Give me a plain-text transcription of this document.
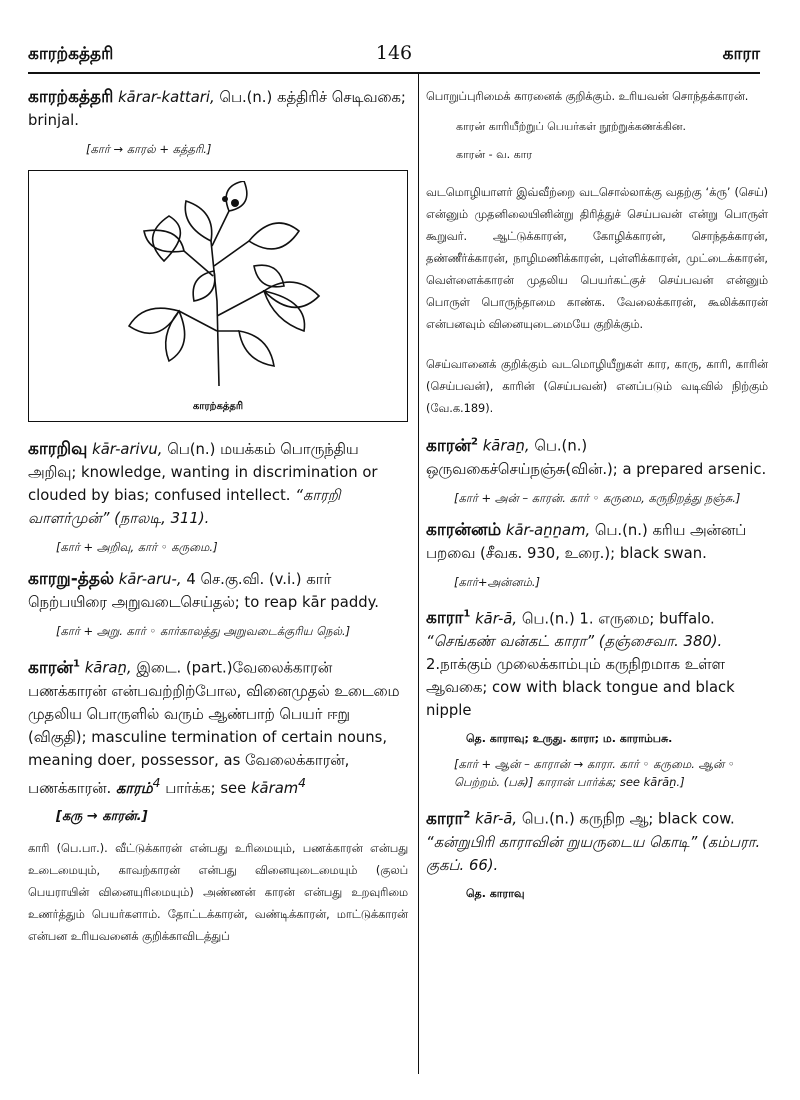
காரற்கத்தரி	146	காரா
காரற்கத்தரி kārar-kattari, பெ.(n.) கத்திரிச் செடிவகை; brinjal.
[கார் → காரல் + கத்தரி.]
காரற்கத்தரி
காரறிவு kār-arivu, பெ(n.) மயக்கம் பொருந்திய அறிவு; knowledge, wanting in discrimination or clouded by bias; confused intellect. “காரறி வாளர்முன்” (நாலடி, 311).
[கார் + அறிவு, கார் ◦ கருமை.]
காரறு-த்தல் kār-aru-, 4 செ.கு.வி. (v.i.) கார் நெற்பயிரை அறுவடைசெய்தல்; to reap kār paddy.
[கார் + அறு. கார் ◦ கார்காலத்து அறுவடைக்குரிய நெல்.]
காரன்$^1$ kāraṉ, இடை. (part.)வேலைக்காரன் பணக்காரன் என்பவற்றிற்போல, வினைமுதல் உடைமை முதலிய பொருளில் வரும் ஆண்பாற் பெயர் ஈறு (விகுதி); masculine termination of certain nouns, meaning doer, possessor, as வேலைக்காரன், பணக்காரன். காரம்$^4$ பார்க்க; see kāram$^4$
[கரு → காரன்.]
காரி (பெ.பா.). வீட்டுக்காரன் என்பது உரிமையும், பணக்காரன் என்பது உடைமையும், காவற்காரன் என்பது வினையுடைமையும் (குலப் பெயராயின் வினையுரிமையும்) அண்ணன் காரன் என்பது உறவுரிமை உணர்த்தும் பெயர்களாம். தோட்டக்காரன், வண்டிக்காரன், மாட்டுக்காரன் என்பன உரியவனைக் குறிக்காவிடத்துப்
பொறுப்புரிமைக் காரனைக் குறிக்கும். உரியவன் சொந்தக்காரன்.
காரன் காரியீற்றுப் பெயர்கள் நூற்றுக்கணக்கின.
காரன் - வ. கார
வடமொழியாளர் இவ்வீற்றை வடசொல்லாக்கு வதற்கு ‘க்ரு’ (செய்) என்னும் முதனிலையினின்று திரித்துச் செய்பவன் என்று பொருள் கூறுவர். ஆட்டுக்காரன், கோழிக்காரன், சொந்தக்காரன், தண்ணீர்க்காரன், நாழிமணிக்காரன், புள்ளிக்காரன், முட்டைக்காரன், வெள்ளைக்காரன் முதலிய பெயர்கட்குச் செய்பவன் என்னும் பொருள் பொருந்தாமை காண்க. வேலைக்காரன், கூலிக்காரன் என்பனவும் வினையுடைமையே குறிக்கும்.
செய்வானைக் குறிக்கும் வடமொழியீறுகள் கார, காரு, காரி, காரின் (செய்பவன்), காரின் (செய்பவன்) எனப்படும் வடிவில் நிற்கும் (வே.க.189).
காரன்$^2$ kāraṉ, பெ.(n.) ஒருவகைச்செய்நஞ்சு(வின்.); a prepared arsenic.
[கார் + அன் – காரன். கார் ◦ கருமை, கருநிறத்து நஞ்சு.]
காரன்னம் kār-aṉṉam, பெ.(n.) கரிய அன்னப் பறவை (சீவக. 930, உரை.); black swan.
[கார்+அன்னம்.]
காரா$^1$ kār-ā, பெ.(n.) 1. எருமை; buffalo. “செங்கண் வன்கட் காரா” (தஞ்சைவா. 380). 2.நாக்கும் முலைக்காம்பும் கருநிறமாக உள்ள ஆவகை; cow with black tongue and black nipple
தெ. காராவு; உருது. காரா; ம. காராம்பசு.
[கார் + ஆன் – காரான் → காரா. கார் ◦ கருமை. ஆன் ◦ பெற்றம். (பசு)] காரான் பார்க்க; see kārāṉ.]
காரா$^2$ kār-ā, பெ.(n.) கருநிற ஆ; black cow. “கன்றுபிரி காராவின் றுயருடைய கொடி” (கம்பரா. குகப். 66).
தெ. காராவு
